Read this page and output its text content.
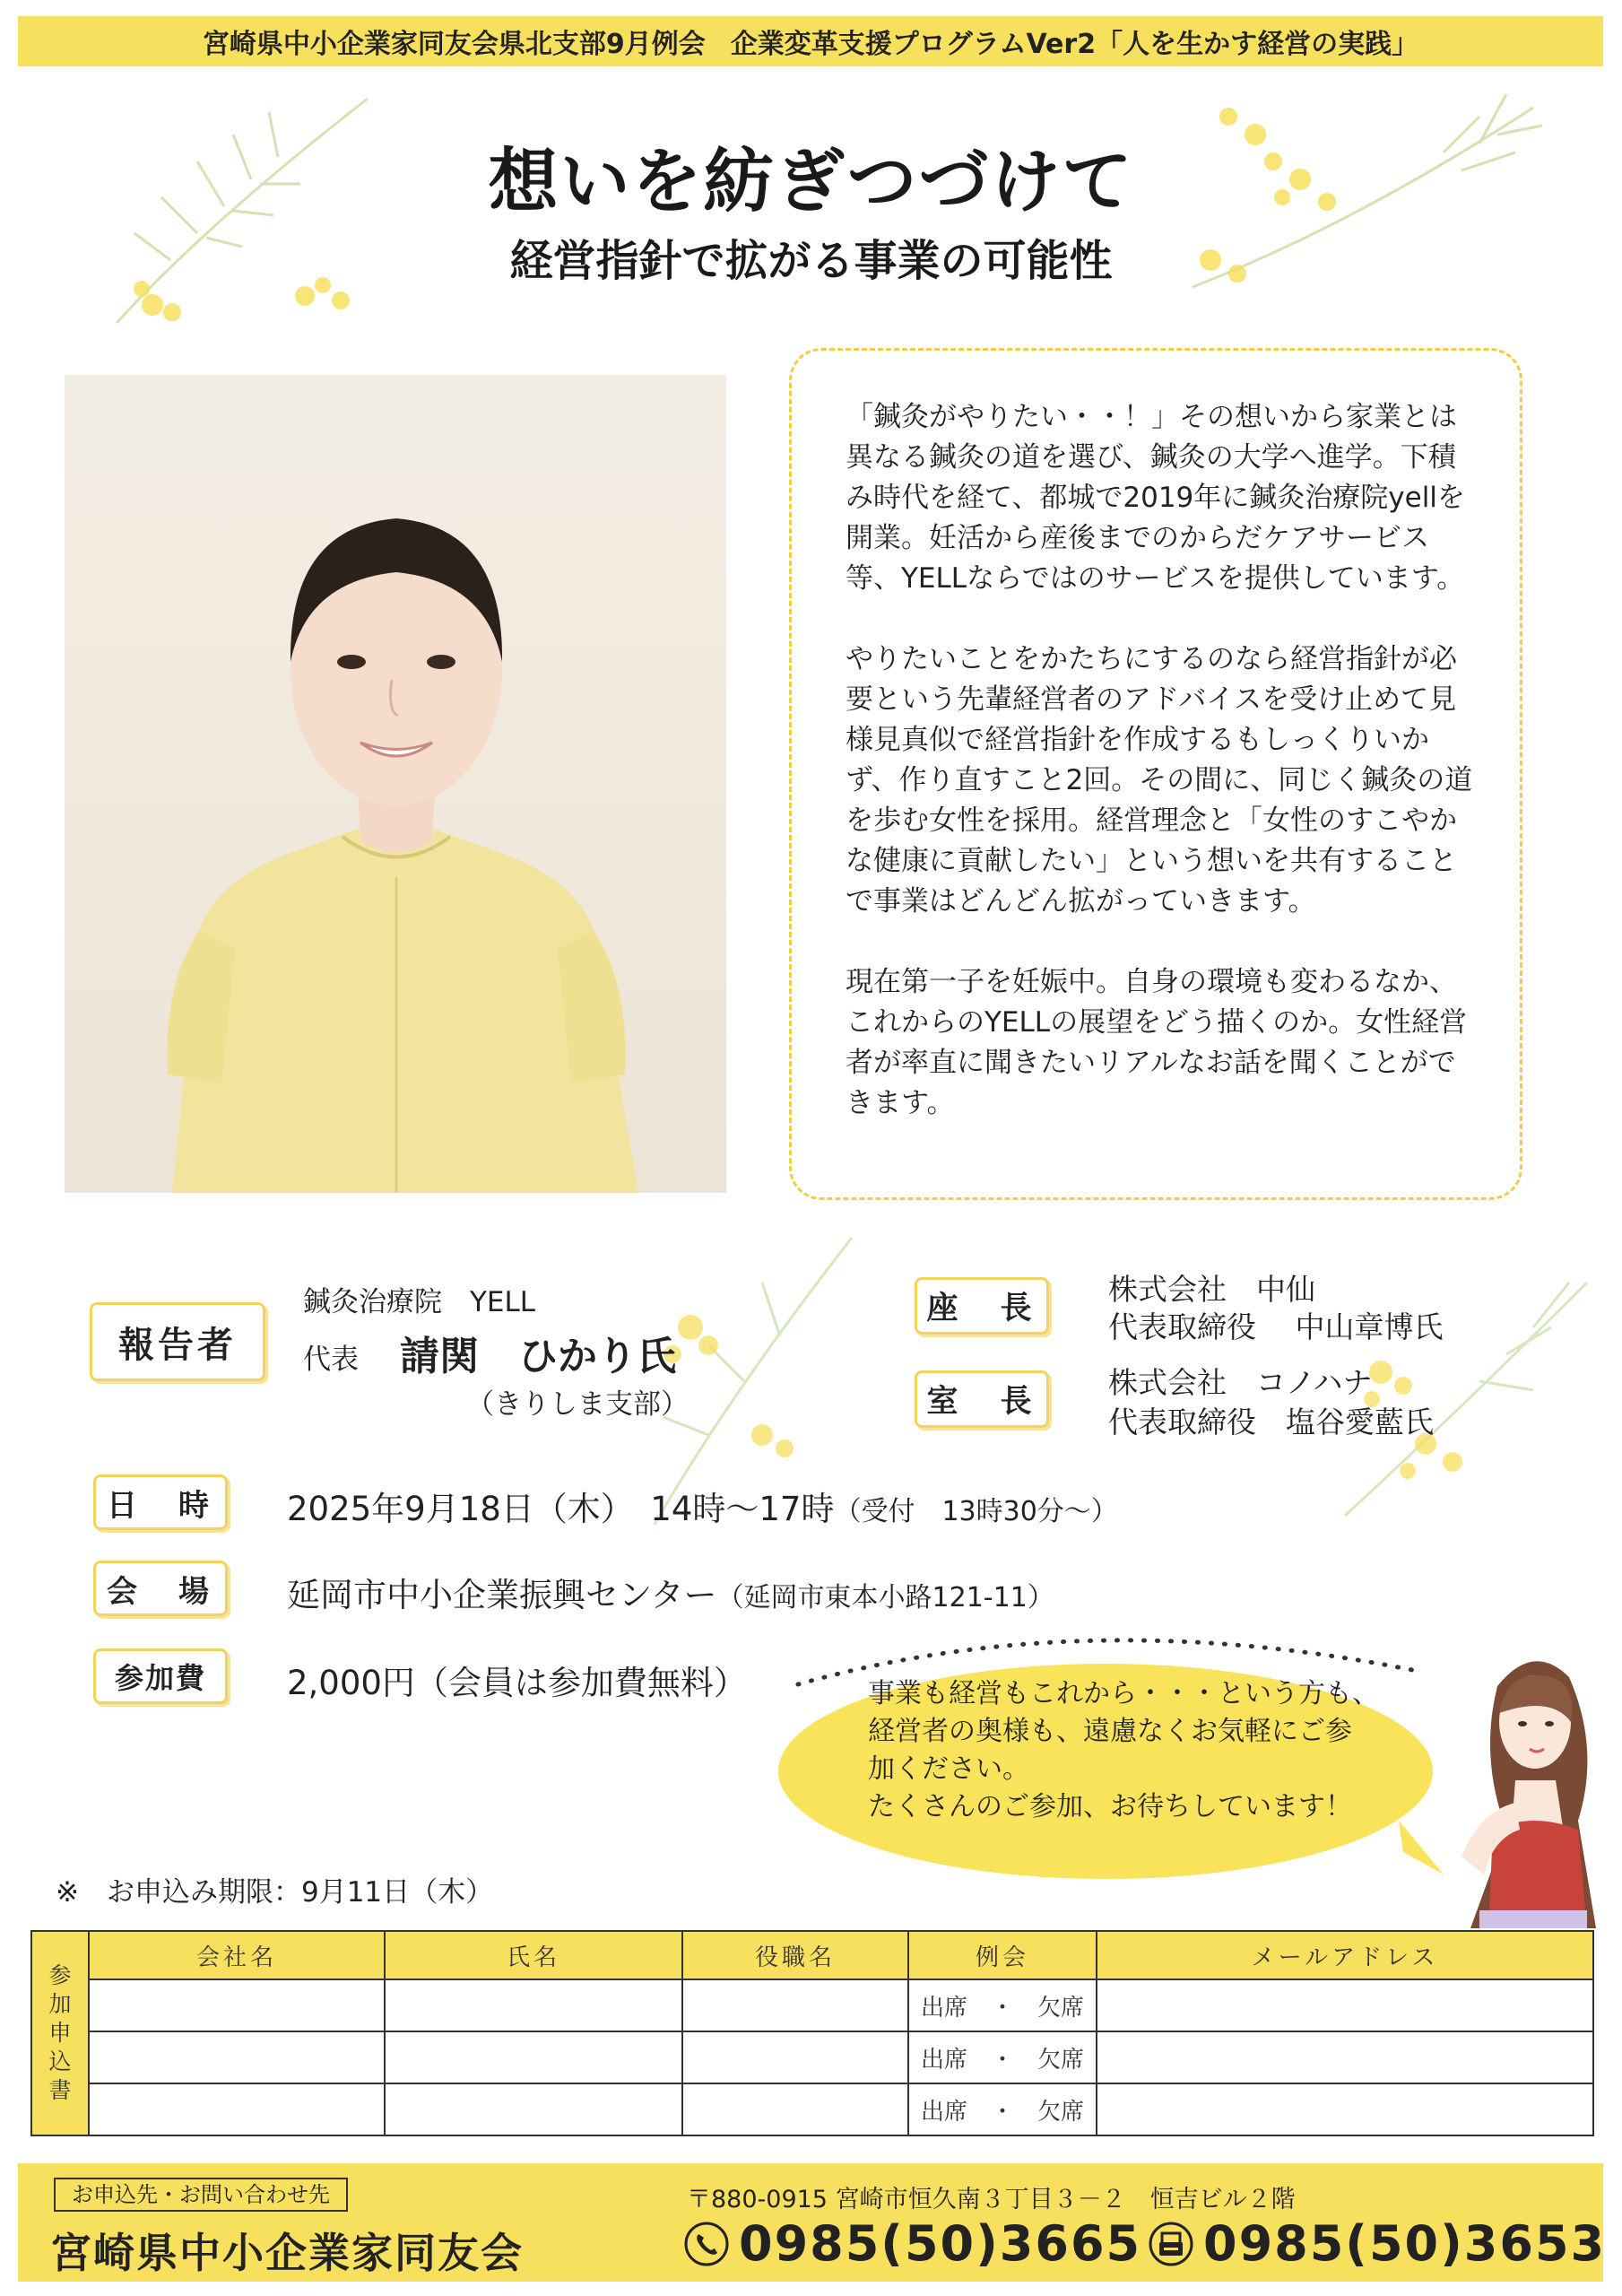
宮崎県中小企業家同友会県北支部9月例会 企業変革支援プログラムVer2「人を生かす経営の実践」
想いを紡ぎつづけて
経営指針で拡がる事業の可能性

「鍼灸がやりたい・・！」その想いから家業とは異なる鍼灸の道を選び、鍼灸の大学へ進学。下積み時代を経て、都城で2019年に鍼灸治療院yellを開業。妊活から産後までのからだケアサービス等、YELLならではのサービスを提供しています。

やりたいことをかたちにするのなら経営指針が必要という先輩経営者のアドバイスを受け止めて見様見真似で経営指針を作成するもしっくりいかず、作り直すこと2回。その間に、同じく鍼灸の道を歩む女性を採用。経営理念と「女性のすこやかな健康に貢献したい」という想いを共有することで事業はどんどん拡がっていきます。

現在第一子を妊娠中。自身の環境も変わるなか、これからのYELLの展望をどう描くのか。女性経営者が率直に聞きたいリアルなお話を聞くことができます。

報告者
鍼灸治療院　YELL
代表 請関　ひかり氏
（きりしま支部）
座　長
株式会社　中仙
代表取締役　 中山章博氏
室　長
株式会社　コノハナ
代表取締役　塩谷愛藍氏
日　時	2025年9月18日（木）　14時～17時（受付　13時30分～）
会　場	延岡市中小企業振興センター（延岡市東本小路121-11）
参加費	2,000円（会員は参加費無料）	事業も経営もこれから・・・という方も、
経営者の奥様も、遠慮なくお気軽にご参
加ください。
たくさんのご参加、お待ちしています！
※　お申込み期限：9月11日（木）
参
加
申
込
書	会社名	氏名	役職名	例会	メールアドレス
				出席　・　欠席	
				出席　・　欠席	
				出席　・　欠席	
お申込先・お問い合わせ先
宮崎県中小企業家同友会
〒880-0915 宮崎市恒久南３丁目３－２　恒吉ビル２階
0985(50)3665 0985(50)3653
